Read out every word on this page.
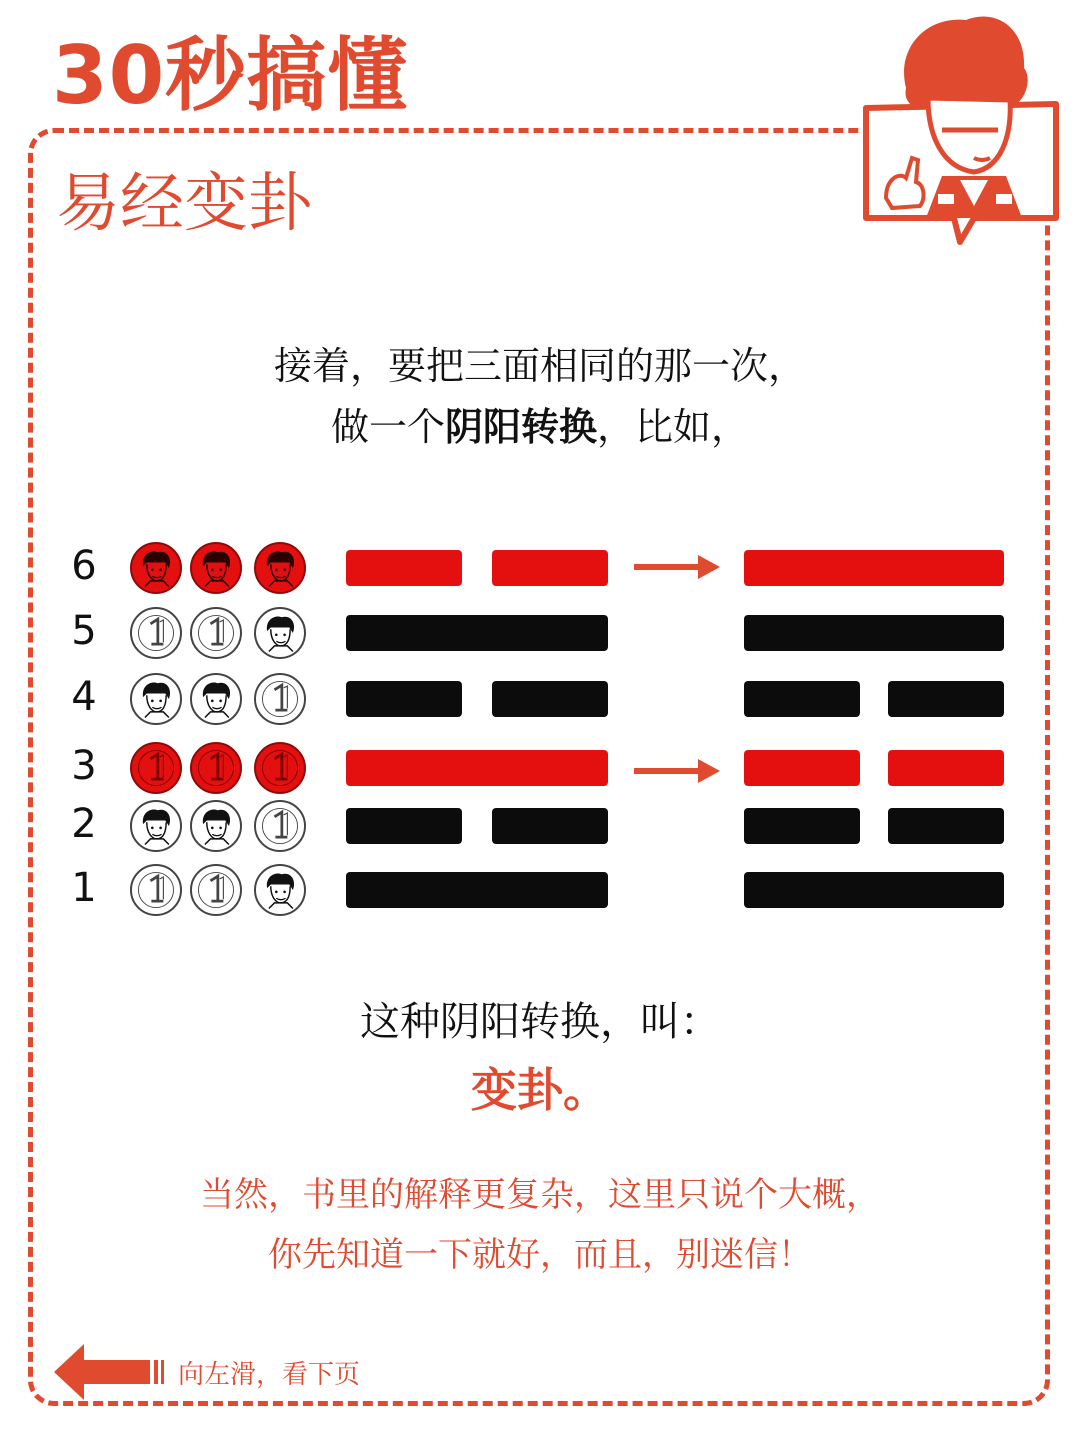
30秒搞懂
易经变卦
接着，要把三面相同的那一次，
做一个阴阳转换，比如，
6
5
4
3
2
1
这种阴阳转换，叫：
变卦。
当然，书里的解释更复杂，这里只说个大概，
你先知道一下就好，而且，别迷信！
向左滑，看下页
